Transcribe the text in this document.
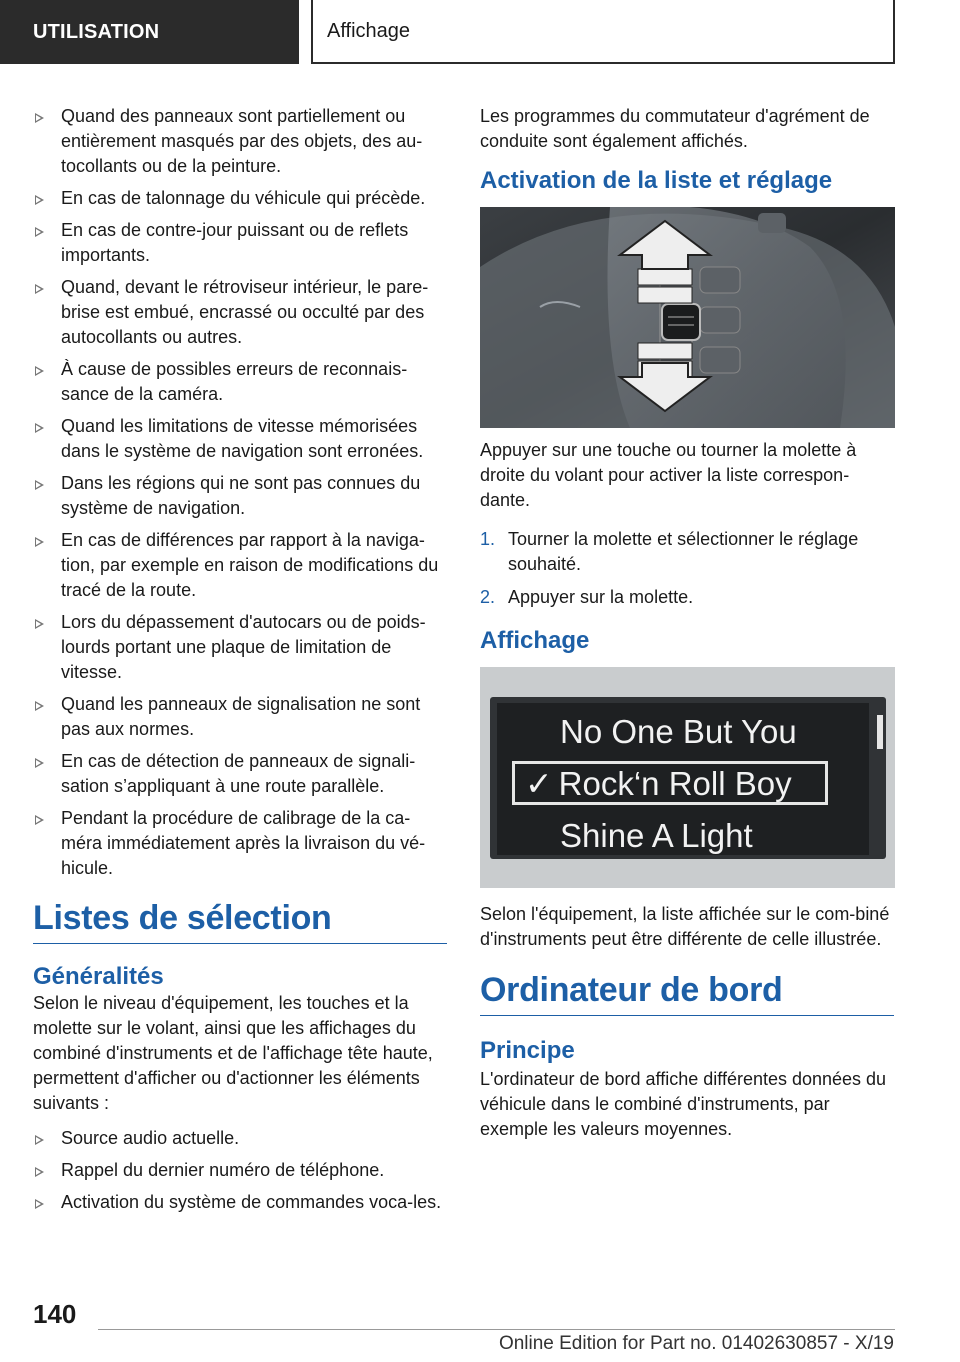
UTILISATION	Affichage
Quand des panneaux sont partiellement ou entièrement masqués par des objets, des au-tocollants ou de la peinture.
En cas de talonnage du véhicule qui précède.
En cas de contre-jour puissant ou de reflets importants.
Quand, devant le rétroviseur intérieur, le pare-brise est embué, encrassé ou occulté par des autocollants ou autres.
À cause de possibles erreurs de reconnais-sance de la caméra.
Quand les limitations de vitesse mémorisées dans le système de navigation sont erronées.
Dans les régions qui ne sont pas connues du système de navigation.
En cas de différences par rapport à la naviga-tion, par exemple en raison de modifications du tracé de la route.
Lors du dépassement d'autocars ou de poids-lourds portant une plaque de limitation de vitesse.
Quand les panneaux de signalisation ne sont pas aux normes.
En cas de détection de panneaux de signali-sation s’appliquant à une route parallèle.
Pendant la procédure de calibrage de la ca-méra immédiatement après la livraison du vé-hicule.
Listes de sélection
Généralités

Selon le niveau d'équipement, les touches et la molette sur le volant, ainsi que les affichages du combiné d'instruments et de l'affichage tête haute, permettent d'afficher ou d'actionner les éléments suivants :

Source audio actuelle.
Rappel du dernier numéro de téléphone.
Activation du système de commandes voca-les.

Les programmes du commutateur d'agrément de conduite sont également affichés.

Activation de la liste et réglage

Appuyer sur une touche ou tourner la molette à droite du volant pour activer la liste correspon-dante.

1. Tourner la molette et sélectionner le réglage souhaité.
2. Appuyer sur la molette.
Affichage
No One But You
✓ Rock‘n Roll Boy
Shine A Light

Selon l'équipement, la liste affichée sur le com-biné d'instruments peut être différente de celle illustrée.

Ordinateur de bord
Principe

L'ordinateur de bord affiche différentes données du véhicule dans le combiné d'instruments, par exemple les valeurs moyennes.

140
Online Edition for Part no. 01402630857 - X/19
